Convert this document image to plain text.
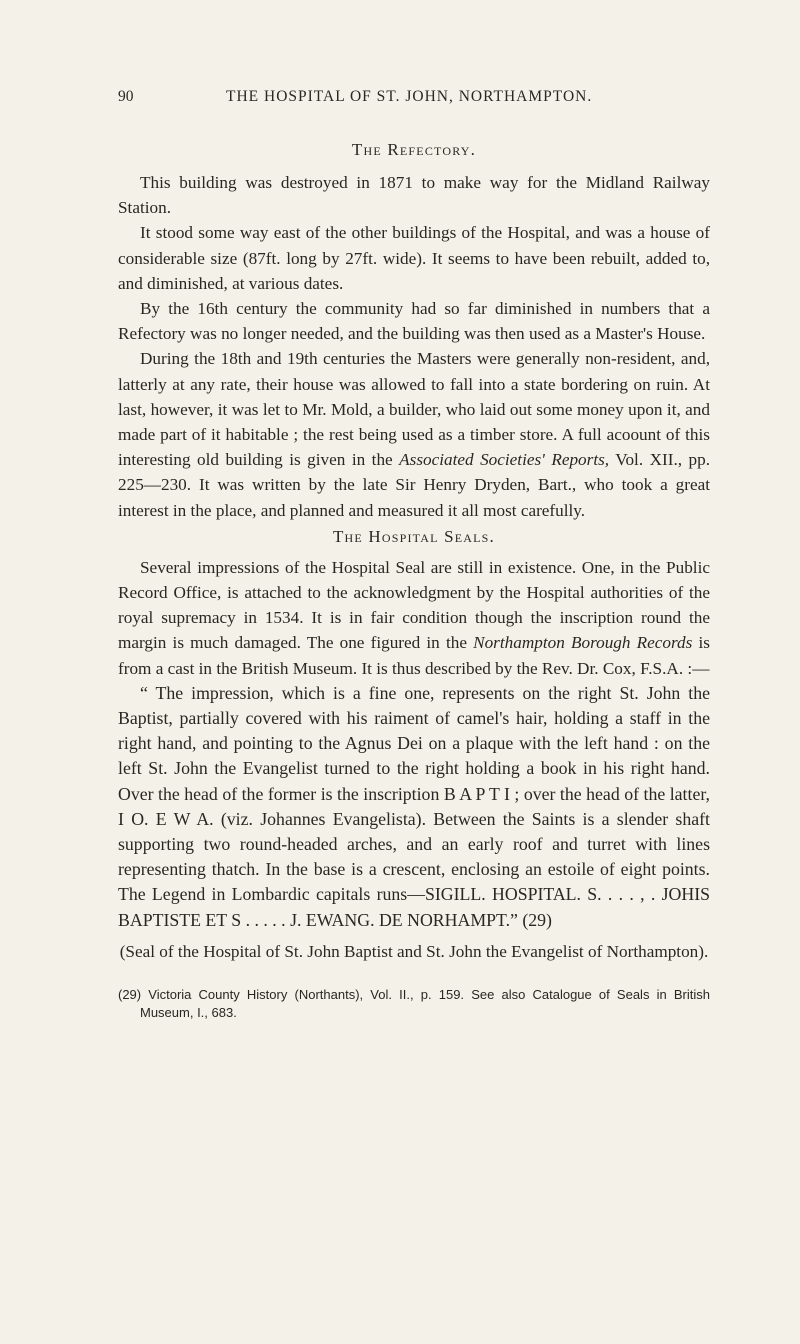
90	THE HOSPITAL OF ST. JOHN, NORTHAMPTON.
The Refectory.

This building was destroyed in 1871 to make way for the Midland Railway Station.

It stood some way east of the other buildings of the Hospital, and was a house of considerable size (87ft. long by 27ft. wide). It seems to have been rebuilt, added to, and diminished, at various dates.

By the 16th century the community had so far diminished in numbers that a Refectory was no longer needed, and the building was then used as a Master's House.

During the 18th and 19th centuries the Masters were generally non-resident, and, latterly at any rate, their house was allowed to fall into a state bordering on ruin. At last, however, it was let to Mr. Mold, a builder, who laid out some money upon it, and made part of it habitable ; the rest being used as a timber store. A full acoount of this interesting old building is given in the Associated Societies' Reports, Vol. XII., pp. 225—230. It was written by the late Sir Henry Dryden, Bart., who took a great interest in the place, and planned and measured it all most carefully.

The Hospital Seals.

Several impressions of the Hospital Seal are still in existence. One, in the Public Record Office, is attached to the acknowledgment by the Hospital authorities of the royal supremacy in 1534. It is in fair condition though the inscription round the margin is much damaged. The one figured in the Northampton Borough Records is from a cast in the British Museum. It is thus described by the Rev. Dr. Cox, F.S.A. :—

“ The impression, which is a fine one, represents on the right St. John the Baptist, partially covered with his raiment of camel's hair, holding a staff in the right hand, and pointing to the Agnus Dei on a plaque with the left hand : on the left St. John the Evangelist turned to the right holding a book in his right hand. Over the head of the former is the inscription B A P T I ; over the head of the latter, I O. E W A. (viz. Johannes Evangelista). Between the Saints is a slender shaft supporting two round-headed arches, and an early roof and turret with lines representing thatch. In the base is a crescent, enclosing an estoile of eight points. The Legend in Lombardic capitals runs—SIGILL. HOSPITAL. S. . . . , . JOHIS BAPTISTE ET S . . . . . J. EWANG. DE NORHAMPT.” (29)

(Seal of the Hospital of St. John Baptist and St. John the Evangelist of Northampton).

(29) Victoria County History (Northants), Vol. II., p. 159. See also Catalogue of Seals in British Museum, I., 683.
